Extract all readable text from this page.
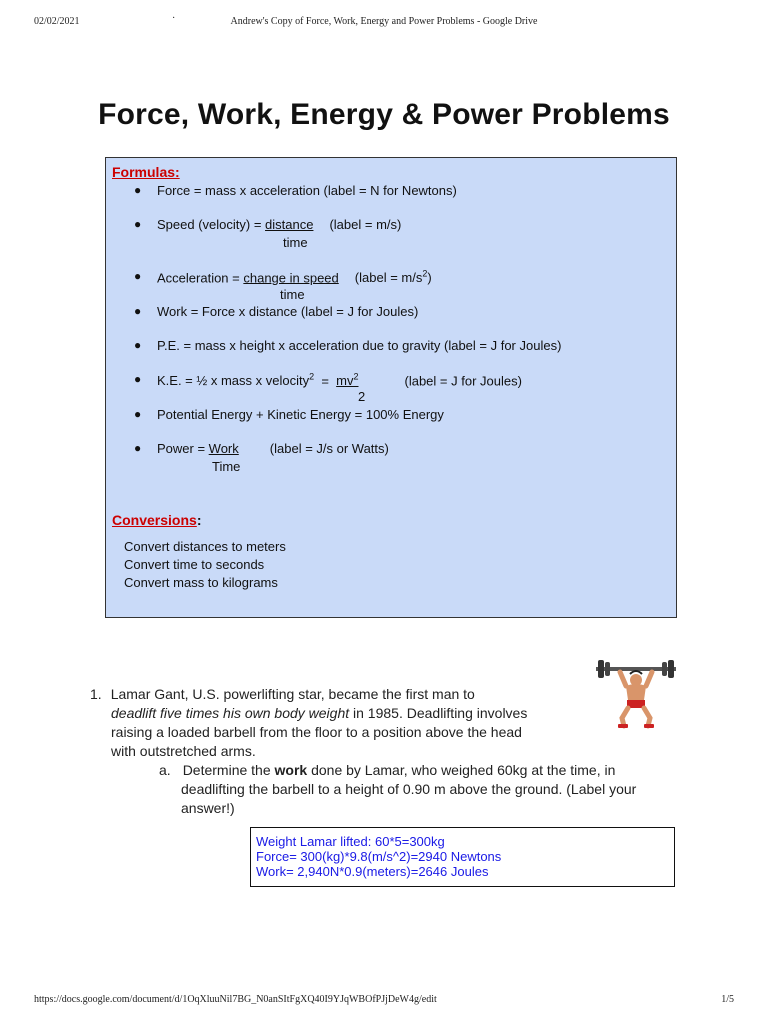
02/02/2021	·	Andrew's Copy of Force, Work, Energy and Power Problems - Google Drive
Force, Work, Energy & Power Problems
Formulas:
● Force = mass x acceleration (label = N for Newtons)
● Speed (velocity) = distance (label = m/s)
time
● Acceleration = change in speed (label = $m/s^2$)
time
● Work = Force x distance (label = J for Joules)
● P.E. = mass x height x acceleration due to gravity (label = J for Joules)
● K.E. = ½ x mass x velocity$^2$  =  $mv^2$	(label = J for Joules)
2
● Potential Energy + Kinetic Energy = 100% Energy
● Power = Work (label = J/s or Watts)
Time
Conversions:
Convert distances to meters
Convert time to seconds
Convert mass to kilograms
1. Lamar Gant, U.S. powerlifting star, became the first man to
deadlift five times his own body weight in 1985. Deadlifting involves
raising a loaded barbell from the floor to a position above the head
with outstretched arms.
a. Determine the work done by Lamar, who weighed 60kg at the time, in
deadlifting the barbell to a height of 0.90 m above the ground. (Label your
answer!)
Weight Lamar lifted: 60*5=300kg
Force= 300(kg)*9.8(m/s^2)=2940 Newtons
Work= 2,940N*0.9(meters)=2646 Joules
https://docs.google.com/document/d/1OqXluuNil7BG_N0anSItFgXQ40I9YJqWBOfPJjDeW4g/edit	1/5
